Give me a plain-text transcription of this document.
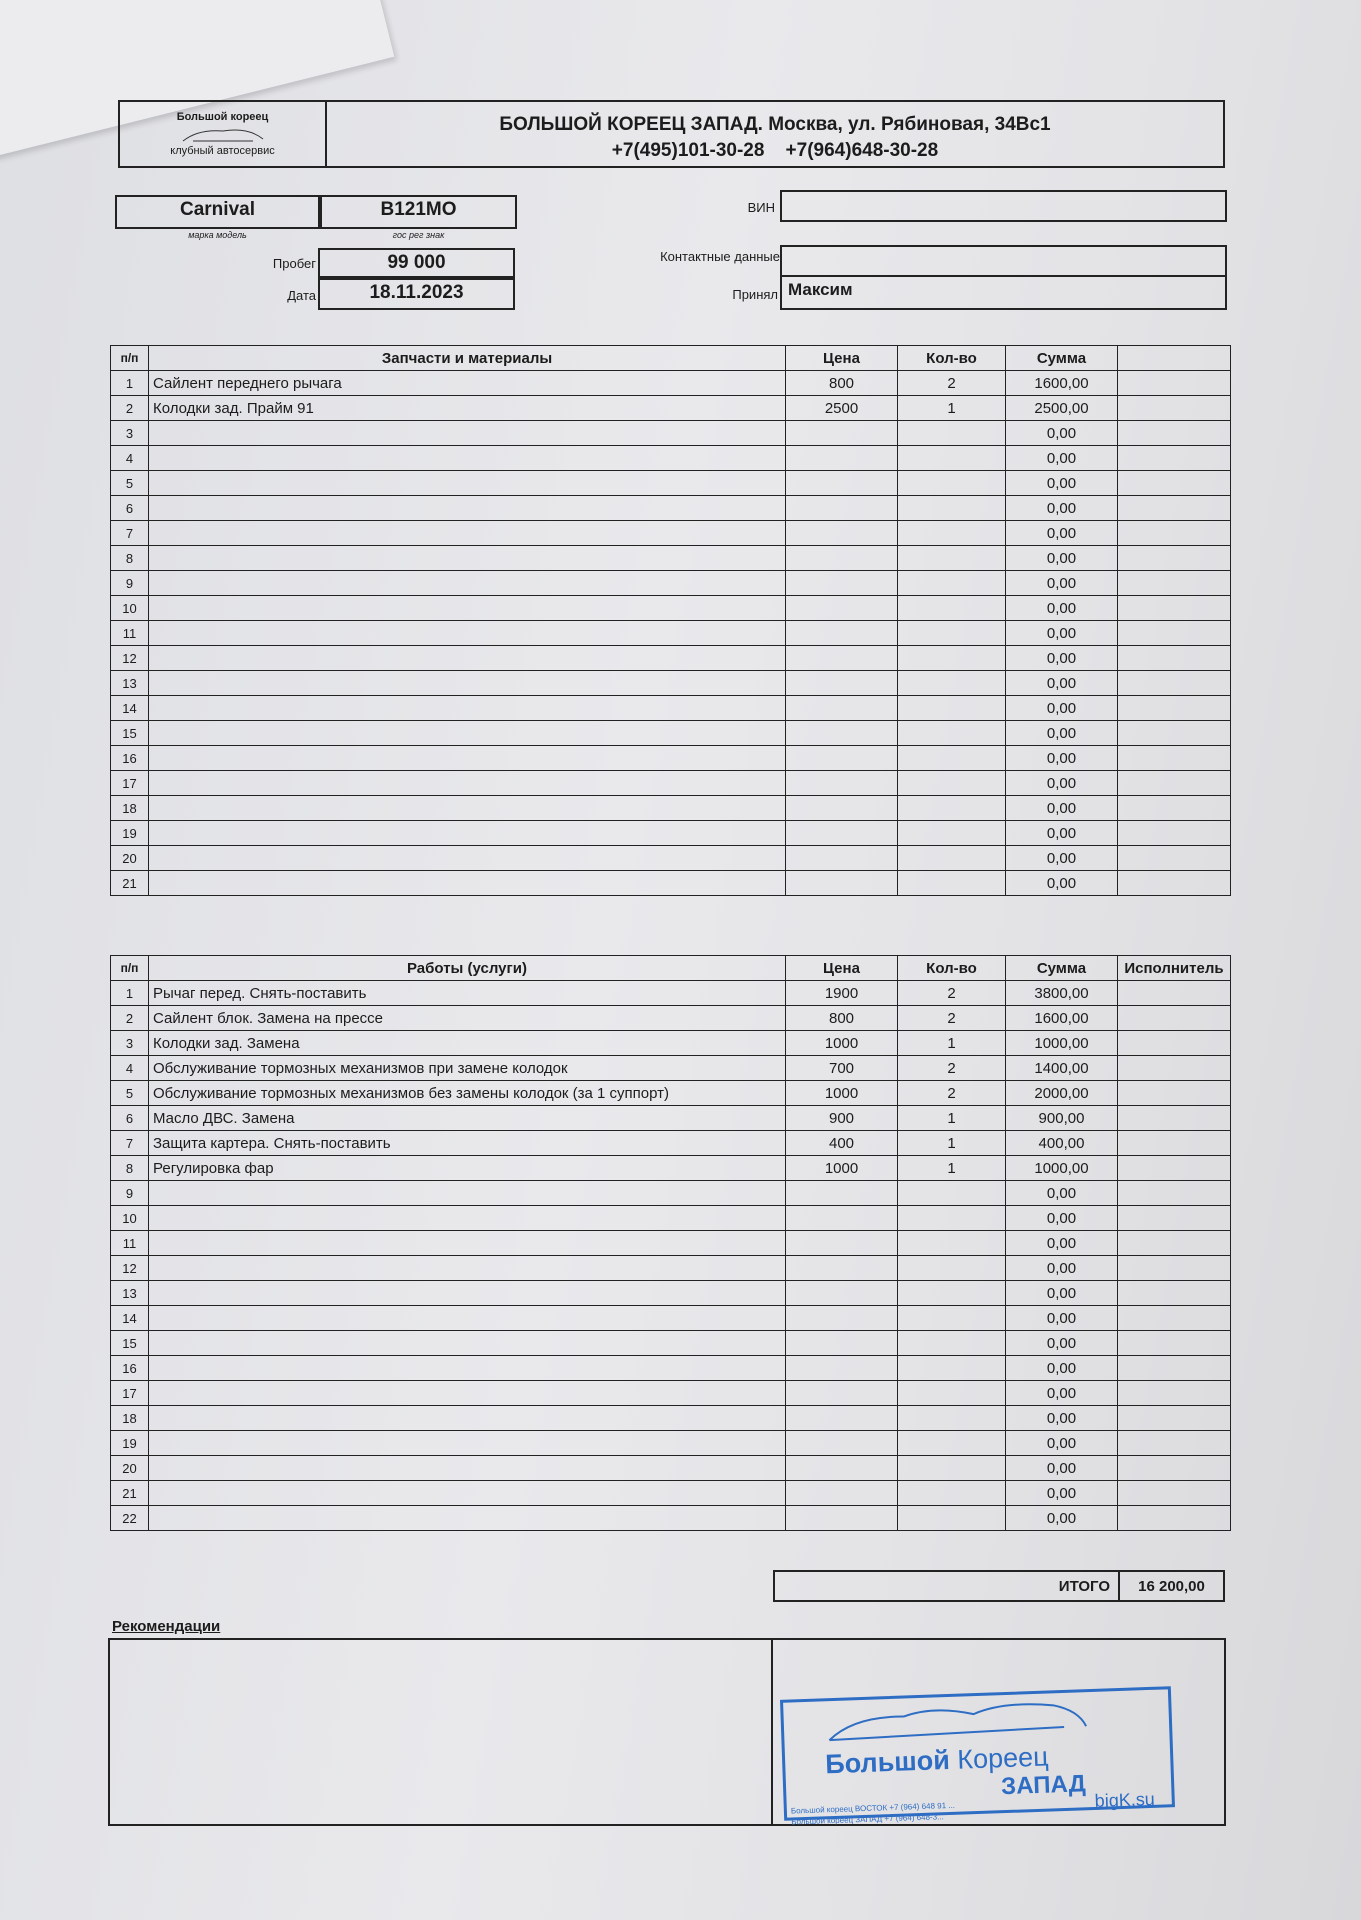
Большой кореец
клубный автосервис
БОЛЬШОЙ КОРЕЕЦ ЗАПАД. Москва, ул. Рябиновая, 34Вс1
+7(495)101-30-28    +7(964)648-30-28
Carnival	В121МО
марка модель	гос рег знак
Пробег	99 000
Дата	18.11.2023
ВИН
Контактные данные
Принял Максим
п/п	Запчасти и материалы	Цена	Кол-во	Сумма	
1	Сайлент переднего рычага	800	2	1600,00	
2	Колодки зад. Прайм 91	2500	1	2500,00	
3				0,00	
4				0,00	
5				0,00	
6				0,00	
7				0,00	
8				0,00	
9				0,00	
10				0,00	
11				0,00	
12				0,00	
13				0,00	
14				0,00	
15				0,00	
16				0,00	
17				0,00	
18				0,00	
19				0,00	
20				0,00	
21				0,00	
п/п	Работы (услуги)	Цена	Кол-во	Сумма	Исполнитель
1	Рычаг перед. Снять-поставить	1900	2	3800,00	
2	Сайлент блок. Замена на прессе	800	2	1600,00	
3	Колодки зад. Замена	1000	1	1000,00	
4	Обслуживание тормозных механизмов при замене колодок	700	2	1400,00	
5	Обслуживание тормозных механизмов без замены колодок (за 1 суппорт)	1000	2	2000,00	
6	Масло ДВС. Замена	900	1	900,00	
7	Защита картера. Снять-поставить	400	1	400,00	
8	Регулировка фар	1000	1	1000,00	
9				0,00	
10				0,00	
11				0,00	
12				0,00	
13				0,00	
14				0,00	
15				0,00	
16				0,00	
17				0,00	
18				0,00	
19				0,00	
20				0,00	
21				0,00	
22				0,00	
ИТОГО	16 200,00
Рекомендации
Большой Кореец
ЗАПАД
Большой кореец ВОСТОК +7 (964) 648 91 ...
Большой кореец ЗАПАД +7 (964) 648-3...
bigK.su
